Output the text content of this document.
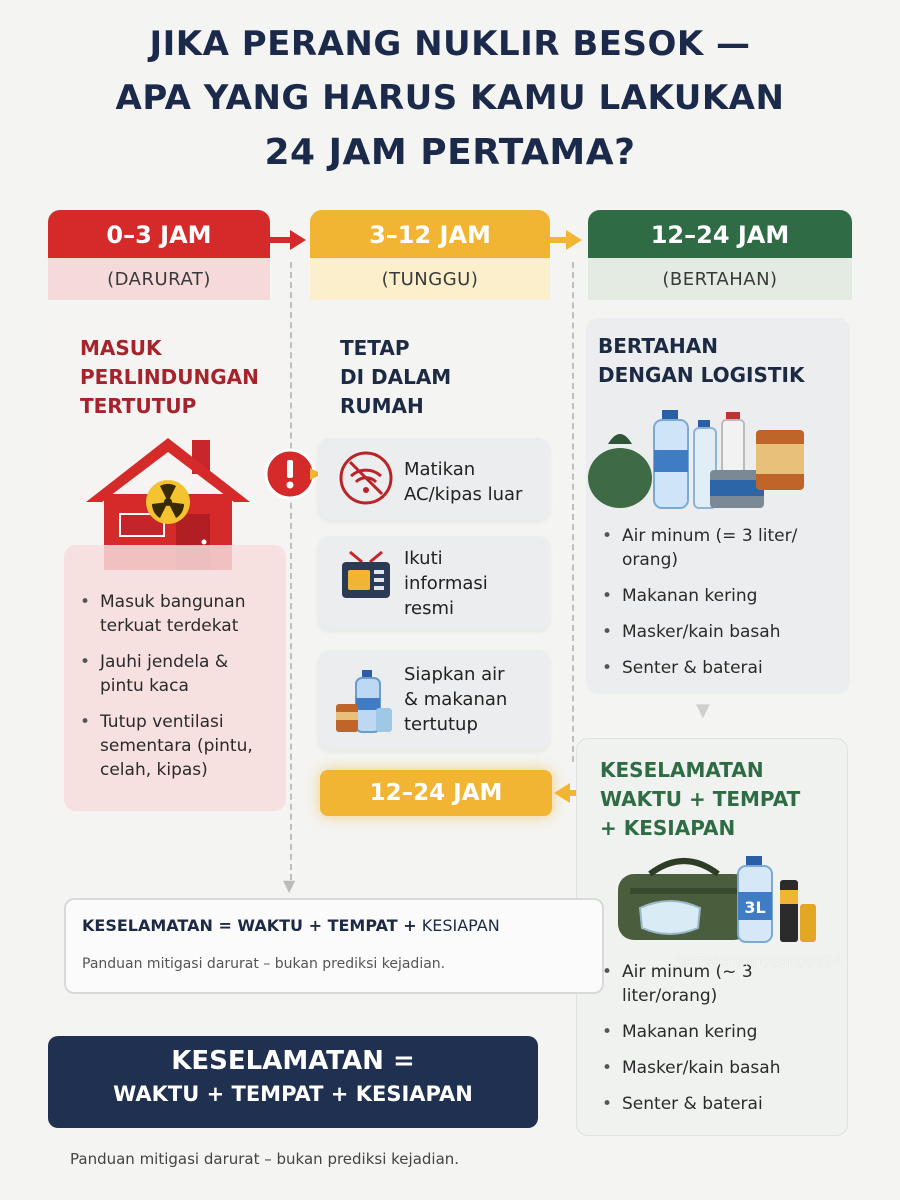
JIKA PERANG NUKLIR BESOK —
APA YANG HARUS KAMU LAKUKAN
24 JAM PERTAMA?
0–3 JAM
(DARURAT)
3–12 JAM
(TUNGGU)
12–24 JAM
(BERTAHAN)
▼
MASUK
PERLINDUNGAN
TERTUTUP
• Masuk bangunan terkuat terdekat
• Jauhi jendela & pintu kaca
• Tutup ventilasi sementara (pintu, celah, kipas)
TETAP
DI DALAM
RUMAH
Matikan
AC/kipas luar
Ikuti
informasi
resmi
Siapkan air
& makanan
tertutup
12–24 JAM
BERTAHAN
DENGAN LOGISTIK
• Air minum (= 3 liter/ orang)
• Makanan kering
• Masker/kain basah
• Senter & baterai
▼
KESELAMATAN
WAKTU + TEMPAT
+ KESIAPAN
3L
• Air minum (~ 3 liter/orang)
• Makanan kering
• Masker/kain basah
• Senter & baterai
bertahanhingganggu74
KESELAMATAN = WAKTU + TEMPAT + KESIAPAN
Panduan mitigasi darurat – bukan prediksi kejadian.
KESELAMATAN =
WAKTU + TEMPAT + KESIAPAN
Panduan mitigasi darurat – bukan prediksi kejadian.
